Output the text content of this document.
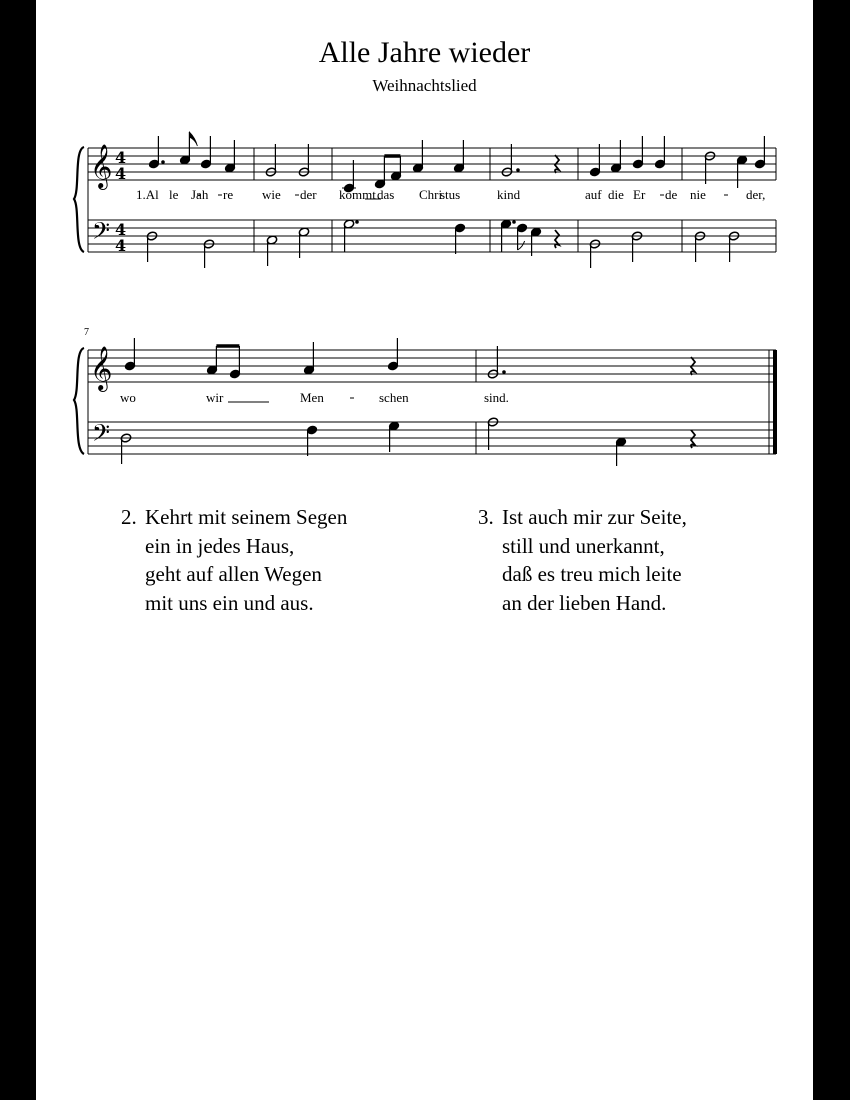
Alle Jahre wieder
Weihnachtslied
𝄞
𝄢
4
4
4
4
1.Al le Jah re wie der kommt das Chri
stus	kind	auf die Er de nie	der,
7
𝄞
𝄢
wo	wir	Men	schen	sind.
2. Kehrt mit seinem Segen
ein in jedes Haus,
geht auf allen Wegen
mit uns ein und aus.
3. Ist auch mir zur Seite,
still und unerkannt,
daß es treu mich leite
an der lieben Hand.
